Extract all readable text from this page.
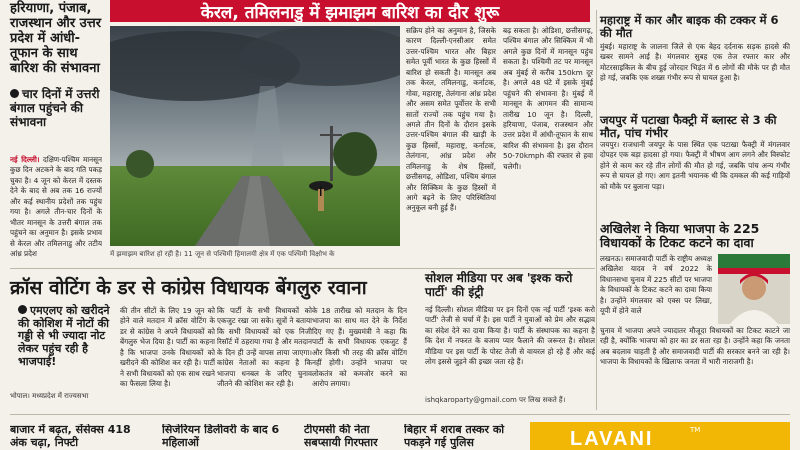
केरल, तमिलनाडु में झमाझम बारिश का दौर शुरू
हरियाणा, पंजाब, राजस्थान और उत्तर प्रदेश में आंधी-तूफान के साथ बारिश की संभावना
चार दिनों में उत्तरी बंगाल पहुंचने की संभावना
नई दिल्ली। दक्षिण-पश्चिम मानसून कुछ दिन अटकने के बाद गति पकड़ चुका है। 4 जून को केरल में दस्तक देने के बाद से अब तक 16 राज्यों और कई स्थानीय प्रदेशों तक पहुंच गया है। अगले तीन-चार दिनों के भीतर मानसून के उत्तरी बंगाल तक पहुंचने का अनुमान है। इसके प्रभाव से केरल और तमिलनाडु और तटीय आंध्र प्रदेश	में झमाझम बारिश हो रही है। 11 जून से पश्चिमी हिमालयी क्षेत्र में एक पश्चिमी विक्षोभ के
सक्रिय होने का अनुमान है, जिसके कारण दिल्ली-एनसीआर समेत उत्तर-पश्चिम भारत और बिहार समेत पूर्वी भारत के कुछ हिस्सों में बारिश हो सकती है। मानसून अब तक केरल, तमिलनाडु, कर्नाटक, गोवा, महाराष्ट्र, तेलंगाना आंध्र प्रदेश और असम समेत पूर्वोत्तर के सभी सातों राज्यों तक पहुंच गया है। अगले तीन दिनों के दौरान इसके उत्तर-पश्चिम बंगाल की खाड़ी के कुछ हिस्सों, महाराष्ट्र, कर्नाटक, तेलंगाना, आंध्र प्रदेश और तमिलनाडु के शेष हिस्सों, छत्तीसगढ़, ओडिशा, पश्चिम बंगाल और सिक्किम के कुछ हिस्सों में आगे बढ़ने के लिए परिस्थितियां अनुकूल बनी हुई हैं।
बढ़ सकता है। ओडिशा, छत्तीसगढ़, पश्चिम बंगाल और सिक्किम में भी अगले कुछ दिनों में मानसून पहुंच सकता है। पश्चिमी तट पर मानसून अब मुंबई से करीब 150km दूर है। अगले 48 घंटे में इसके मुंबई पहुंचने की संभावना है। मुंबई में मानसून के आगमन की सामान्य तारीख 10 जून है। दिल्ली, हरियाणा, पंजाब, राजस्थान और उत्तर प्रदेश में आंधी-तूफान के साथ बारिश की संभावना है। इस दौरान 50-70kmph की रफ्तार से हवा चलेगी।
महाराष्ट्र में कार और बाइक की टक्कर में 6 की मौत
मुंबई। महाराष्ट्र के जालना जिले से एक बेहद दर्दनाक सड़क हादसे की खबर सामने आई है। मंगलवार सुबह एक तेज रफ्तार कार और मोटरसाइकिल के बीच हुई जोरदार भिड़ंत में 6 लोगों की मौके पर ही मौत हो गई, जबकि एक शख्स गंभीर रूप से घायल हुआ है।
जयपुर में पटाखा फैक्ट्री में ब्लास्ट से 3 की मौत, पांच गंभीर
जयपुर। राजधानी जयपुर के पास स्थित एक पटाखा फैक्ट्री में मंगलवार दोपहर एक बड़ा हादसा हो गया। फैक्ट्री में भीषण आग लगने और विस्फोट होने से काम कर रहे तीन लोगों की मौत हो गई, जबकि पांच अन्य गंभीर रूप से घायल हो गए। आग इतनी भयानक थी कि दमकल की कई गाड़ियों को मौके पर बुलाना पड़ा।
अखिलेश ने किया भाजपा के 225 विधायकों के टिकट कटने का दावा
लखनऊ। समाजवादी पार्टी के राष्ट्रीय अध्यक्ष अखिलेश यादव ने वर्ष 2022 के विधानसभा चुनाव में 225 सीटों पर भाजपा के विधायकों के टिकट कटने का दावा किया है। उन्होंने मंगलवार को एक्स पर लिखा, यूपी में होने वाले
चुनाव में भाजपा अपने ज्यादातर मौजूदा विधायकों का टिकट काटने जा रही है, क्योंकि भाजपा को हार का डर सता रहा है। उन्होंने कहा कि जनता अब बदलाव चाहती है और समाजवादी पार्टी की सरकार बनने जा रही है। भाजपा के विधायकों के खिलाफ जनता में भारी नाराजगी है।
क्रॉस वोटिंग के डर से कांग्रेस विधायक बेंगलुरु रवाना
एमएलए को खरीदने की कोशिश में नोटों की गड्डी से भी ज्यादा नोट लेकर पहुंच रही है भाजपाई!
की तीन सीटों के लिए 19 जून को होने वाले मतदान में क्रॉस वोटिंग के डर से कांग्रेस ने अपने विधायकों को बेंगलुरु भेज दिया है। पार्टी का कहना है कि भाजपा उनके विधायकों को खरीदने की कोशिश कर रही है। पार्टी ने सभी विधायकों को एक साथ रखने का फैसला लिया है।
कि पार्टी के सभी विधायकों को एकजुट रखा जा सके। सूत्रों ने बताया कि सभी विधायकों को एक निजी रिसॉर्ट में ठहराया गया है और मतदान के दिन ही उन्हें वापस लाया जाएगा। कांग्रेस नेताओं का कहना है कि भाजपा धनबल के जरिए चुनाव जीतने की कोशिश कर रही है।
के 18 तारीख को मतदान के दिन भाजपा का साथ मत देने के निर्देश दिए गए हैं। मुख्यमंत्री ने कहा कि पार्टी के सभी विधायक एकजुट हैं और किसी भी तरह की क्रॉस वोटिंग नहीं होगी। उन्होंने भाजपा पर लोकतंत्र को कमजोर करने का आरोप लगाया।
भोपाल। मध्यप्रदेश में राज्यसभा
सोशल मीडिया पर अब 'इश्क करो पार्टी' की इंट्री
नई दिल्ली। सोशल मीडिया पर इन दिनों एक नई पार्टी 'इश्क करो पार्टी' तेजी से चर्चा में है। इस पार्टी ने युवाओं को प्रेम और सद्भाव का संदेश देने का दावा किया है। पार्टी के संस्थापक का कहना है कि देश में नफरत के बजाय प्यार फैलाने की जरूरत है। सोशल मीडिया पर इस पार्टी के पोस्ट तेजी से वायरल हो रहे हैं और कई लोग इससे जुड़ने की इच्छा जता रहे हैं।
ishqkaroparty@gmail.com पर लिख सकते हैं।
बाजार में बढ़त, सेंसेक्स 418 अंक चढ़ा, निफ्टी
सिजेरियन डिलीवरी के बाद 6 महिलाओं
टीएमसी की नेता सबप्सायी गिरफ्तार
बिहार में शराब तस्कर को पकड़ने गई पुलिस	LAVANI	TM
